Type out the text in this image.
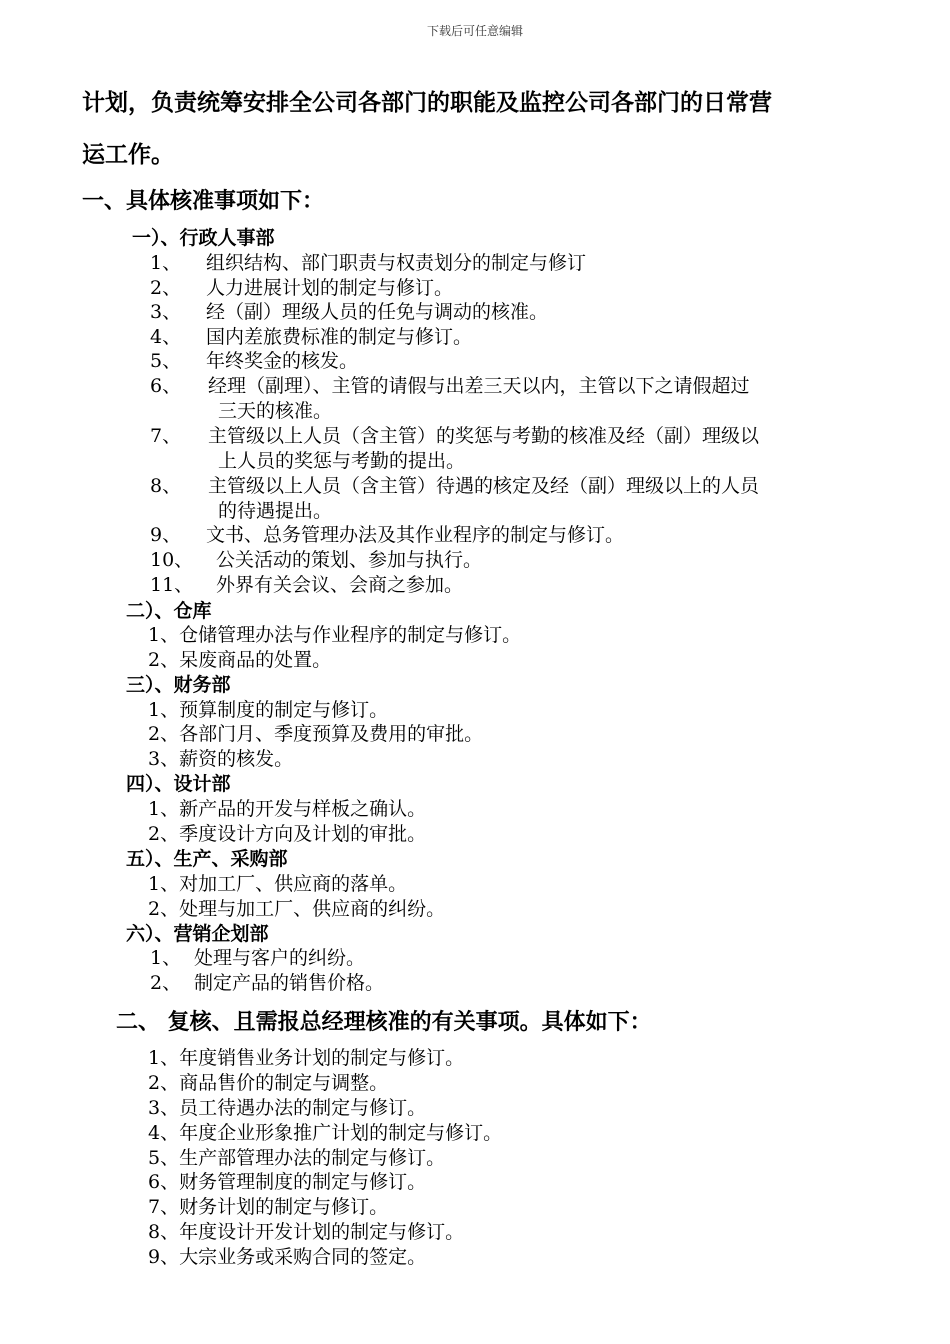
下载后可任意编辑
计划，负责统筹安排全公司各部门的职能及监控公司各部门的日常营
运工作。
一、具体核准事项如下：
一）、行政人事部
1、 组织结构、部门职责与权责划分的制定与修订
2、 人力进展计划的制定与修订。
3、 经（副）理级人员的任免与调动的核准。
4、 国内差旅费标准的制定与修订。
5、 年终奖金的核发。
6、 经理（副理）、主管的请假与出差三天以内，主管以下之请假超过
三天的核准。
7、 主管级以上人员（含主管）的奖惩与考勤的核准及经（副）理级以
上人员的奖惩与考勤的提出。
8、 主管级以上人员（含主管）待遇的核定及经（副）理级以上的人员
的待遇提出。
9、 文书、总务管理办法及其作业程序的制定与修订。
10、 公关活动的策划、参加与执行。
11、 外界有关会议、会商之参加。
二）、仓库
1、仓储管理办法与作业程序的制定与修订。
2、呆废商品的处置。
三）、财务部
1、预算制度的制定与修订。
2、各部门月、季度预算及费用的审批。
3、薪资的核发。
四）、设计部
1、新产品的开发与样板之确认。
2、季度设计方向及计划的审批。
五）、生产、采购部
1、对加工厂、供应商的落单。
2、处理与加工厂、供应商的纠纷。
六）、营销企划部
1、 处理与客户的纠纷。
2、 制定产品的销售价格。
二、 复核、且需报总经理核准的有关事项。具体如下：
1、年度销售业务计划的制定与修订。
2、商品售价的制定与调整。
3、员工待遇办法的制定与修订。
4、年度企业形象推广计划的制定与修订。
5、生产部管理办法的制定与修订。
6、财务管理制度的制定与修订。
7、财务计划的制定与修订。
8、年度设计开发计划的制定与修订。
9、大宗业务或采购合同的签定。
